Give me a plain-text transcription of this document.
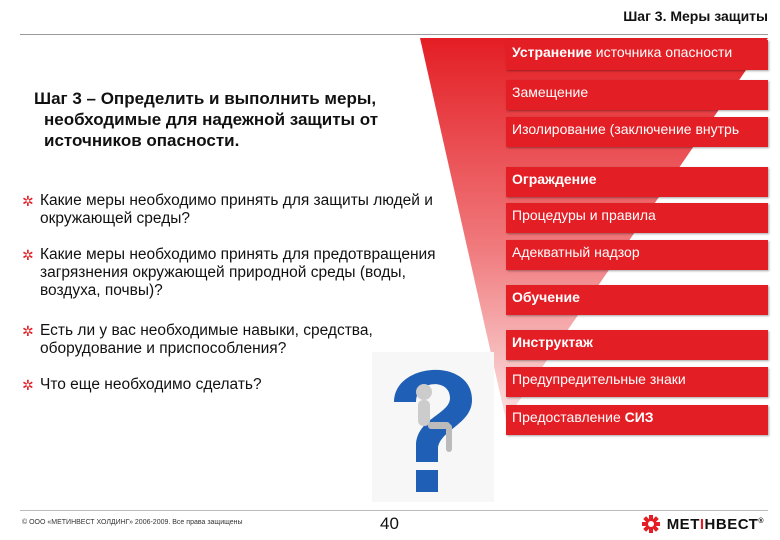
Шаг 3. Меры защиты
Шаг 3 – Определить и выполнить меры,
необходимые для надежной защиты от
источников опасности.
✲ Какие меры необходимо принять для защиты людей и окружающей среды?
✲ Какие меры необходимо принять для предотвращения загрязнения окружающей природной среды (воды, воздуха, почвы)?
✲ Есть ли у вас необходимые навыки, средства, оборудование и приспособления?
✲ Что еще необходимо сделать?
Устранение источника опасности
Замещение
Изолирование (заключение внутрь
Ограждение
Процедуры и правила
Адекватный надзор
Обучение
Инструктаж
Предупредительные знаки
Предоставление СИЗ
© ООО «МЕТИНВЕСТ ХОЛДИНГ» 2006-2009. Все права защищены	40	МЕТIНВЕСТ®
